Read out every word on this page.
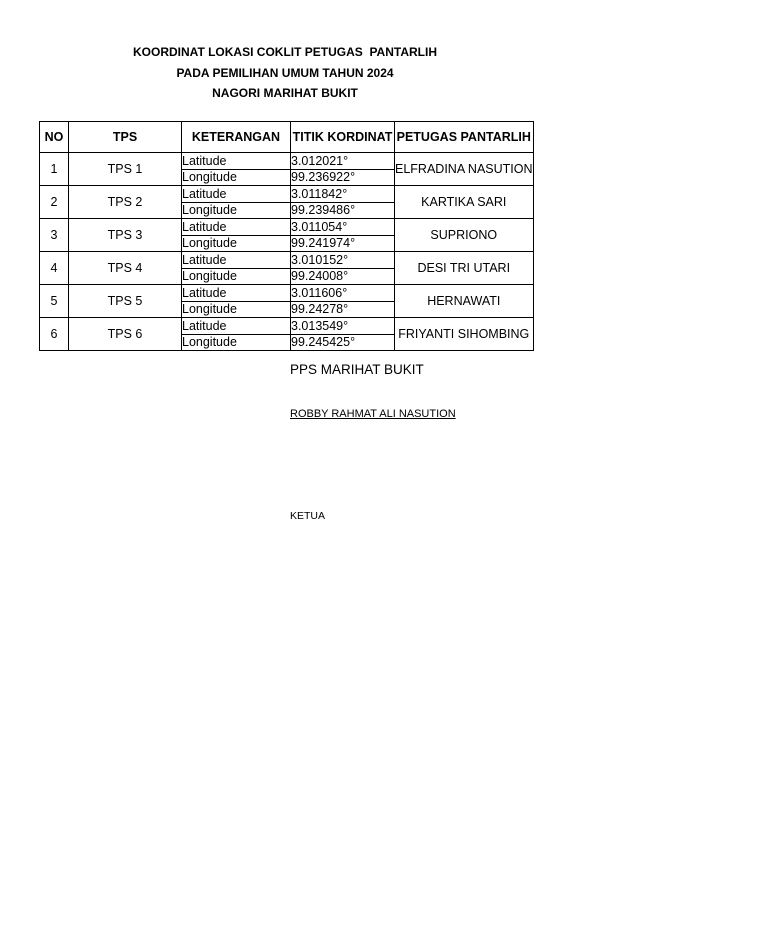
KOORDINAT LOKASI COKLIT PETUGAS  PANTARLIH
PADA PEMILIHAN UMUM TAHUN 2024
NAGORI MARIHAT BUKIT
NO	TPS	KETERANGAN	TITIK KORDINAT	PETUGAS PANTARLIH
1	TPS 1	Latitude	3.012021°	ELFRADINA NASUTION
		Longitude	99.236922°	
2	TPS 2	Latitude	3.011842°	KARTIKA SARI
		Longitude	99.239486°	
3	TPS 3	Latitude	3.011054°	SUPRIONO
		Longitude	99.241974°	
4	TPS 4	Latitude	3.010152°	DESI TRI UTARI
		Longitude	99.24008°	
5	TPS 5	Latitude	3.011606°	HERNAWATI
		Longitude	99.24278°	
6	TPS 6	Latitude	3.013549°	FRIYANTI SIHOMBING
		Longitude	99.245425°	
PPS MARIHAT BUKIT
ROBBY RAHMAT ALI NASUTION
KETUA
